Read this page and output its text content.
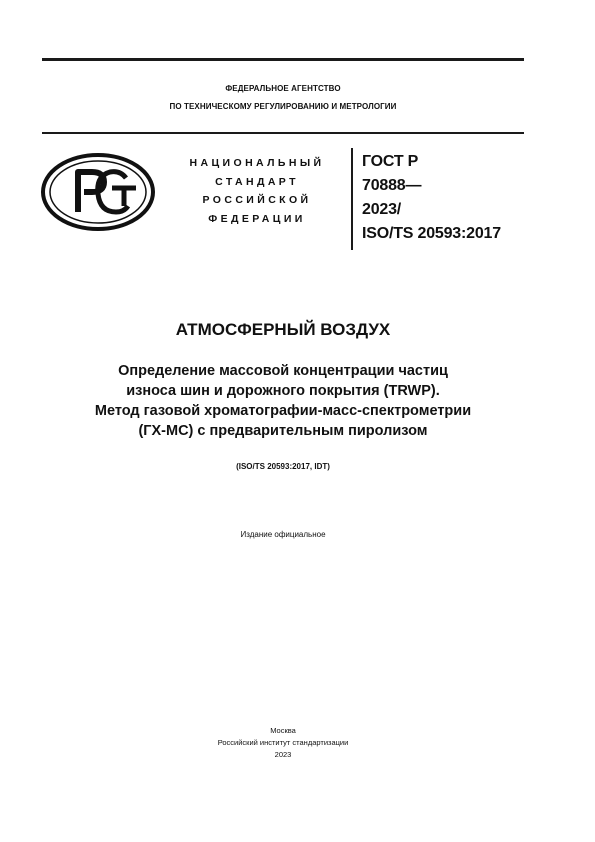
ФЕДЕРАЛЬНОЕ АГЕНТСТВО
ПО ТЕХНИЧЕСКОМУ РЕГУЛИРОВАНИЮ И МЕТРОЛОГИИ
НАЦИОНАЛЬНЫЙ
СТАНДАРТ
РОССИЙСКОЙ
ФЕДЕРАЦИИ
ГОСТ Р
70888—
2023/
ISO/TS 20593:2017
АТМОСФЕРНЫЙ ВОЗДУХ
Определение массовой концентрации частиц
износа шин и дорожного покрытия (TRWP).
Метод газовой хроматографии-масс-спектрометрии
(ГХ-МС) с предварительным пиролизом
(ISO/TS 20593:2017, IDT)
Издание официальное
Москва
Российский институт стандартизации
2023
